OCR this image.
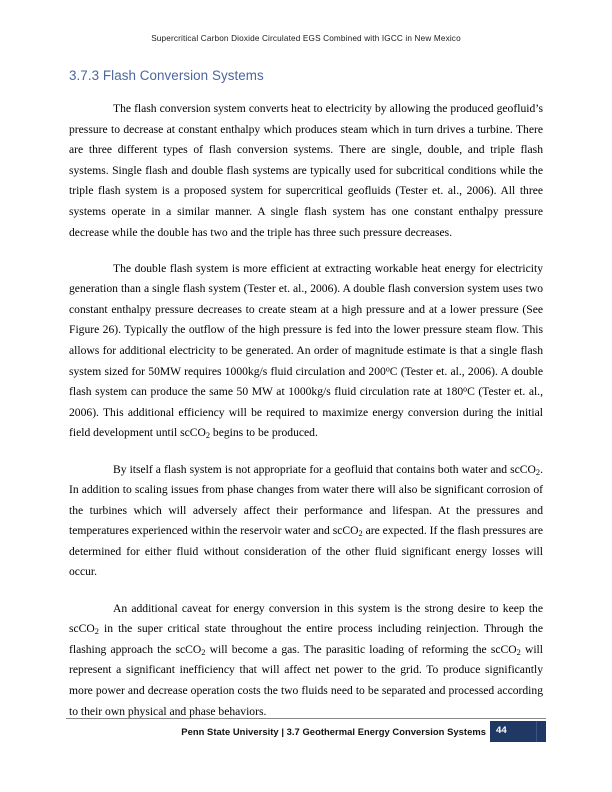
Supercritical Carbon Dioxide Circulated EGS Combined with IGCC in New Mexico
3.7.3 Flash Conversion Systems

The flash conversion system converts heat to electricity by allowing the produced geofluid’s pressure to decrease at constant enthalpy which produces steam which in turn drives a turbine. There are three different types of flash conversion systems. There are single, double, and triple flash systems. Single flash and double flash systems are typically used for subcritical conditions while the triple flash system is a proposed system for supercritical geofluids (Tester et. al., 2006). All three systems operate in a similar manner. A single flash system has one constant enthalpy pressure decrease while the double has two and the triple has three such pressure decreases.

The double flash system is more efficient at extracting workable heat energy for electricity generation than a single flash system (Tester et. al., 2006). A double flash conversion system uses two constant enthalpy pressure decreases to create steam at a high pressure and at a lower pressure (See Figure 26). Typically the outflow of the high pressure is fed into the lower pressure steam flow. This allows for additional electricity to be generated. An order of magnitude estimate is that a single flash system sized for 50MW requires 1000kg/s fluid circulation and 200$^o$C (Tester et. al., 2006). A double flash system can produce the same 50 MW at 1000kg/s fluid circulation rate at 180$^o$C (Tester et. al., 2006). This additional efficiency will be required to maximize energy conversion during the initial field development until scCO$_2$ begins to be produced.

By itself a flash system is not appropriate for a geofluid that contains both water and scCO$_2$. In addition to scaling issues from phase changes from water there will also be significant corrosion of the turbines which will adversely affect their performance and lifespan. At the pressures and temperatures experienced within the reservoir water and scCO$_2$ are expected. If the flash pressures are determined for either fluid without consideration of the other fluid significant energy losses will occur.

An additional caveat for energy conversion in this system is the strong desire to keep the scCO$_2$ in the super critical state throughout the entire process including reinjection. Through the flashing approach the scCO$_2$ will become a gas. The parasitic loading of reforming the scCO$_2$ will represent a significant inefficiency that will affect net power to the grid. To produce significantly more power and decrease operation costs the two fluids need to be separated and processed according to their own physical and phase behaviors.

Penn State University | 3.7 Geothermal Energy Conversion Systems 44
